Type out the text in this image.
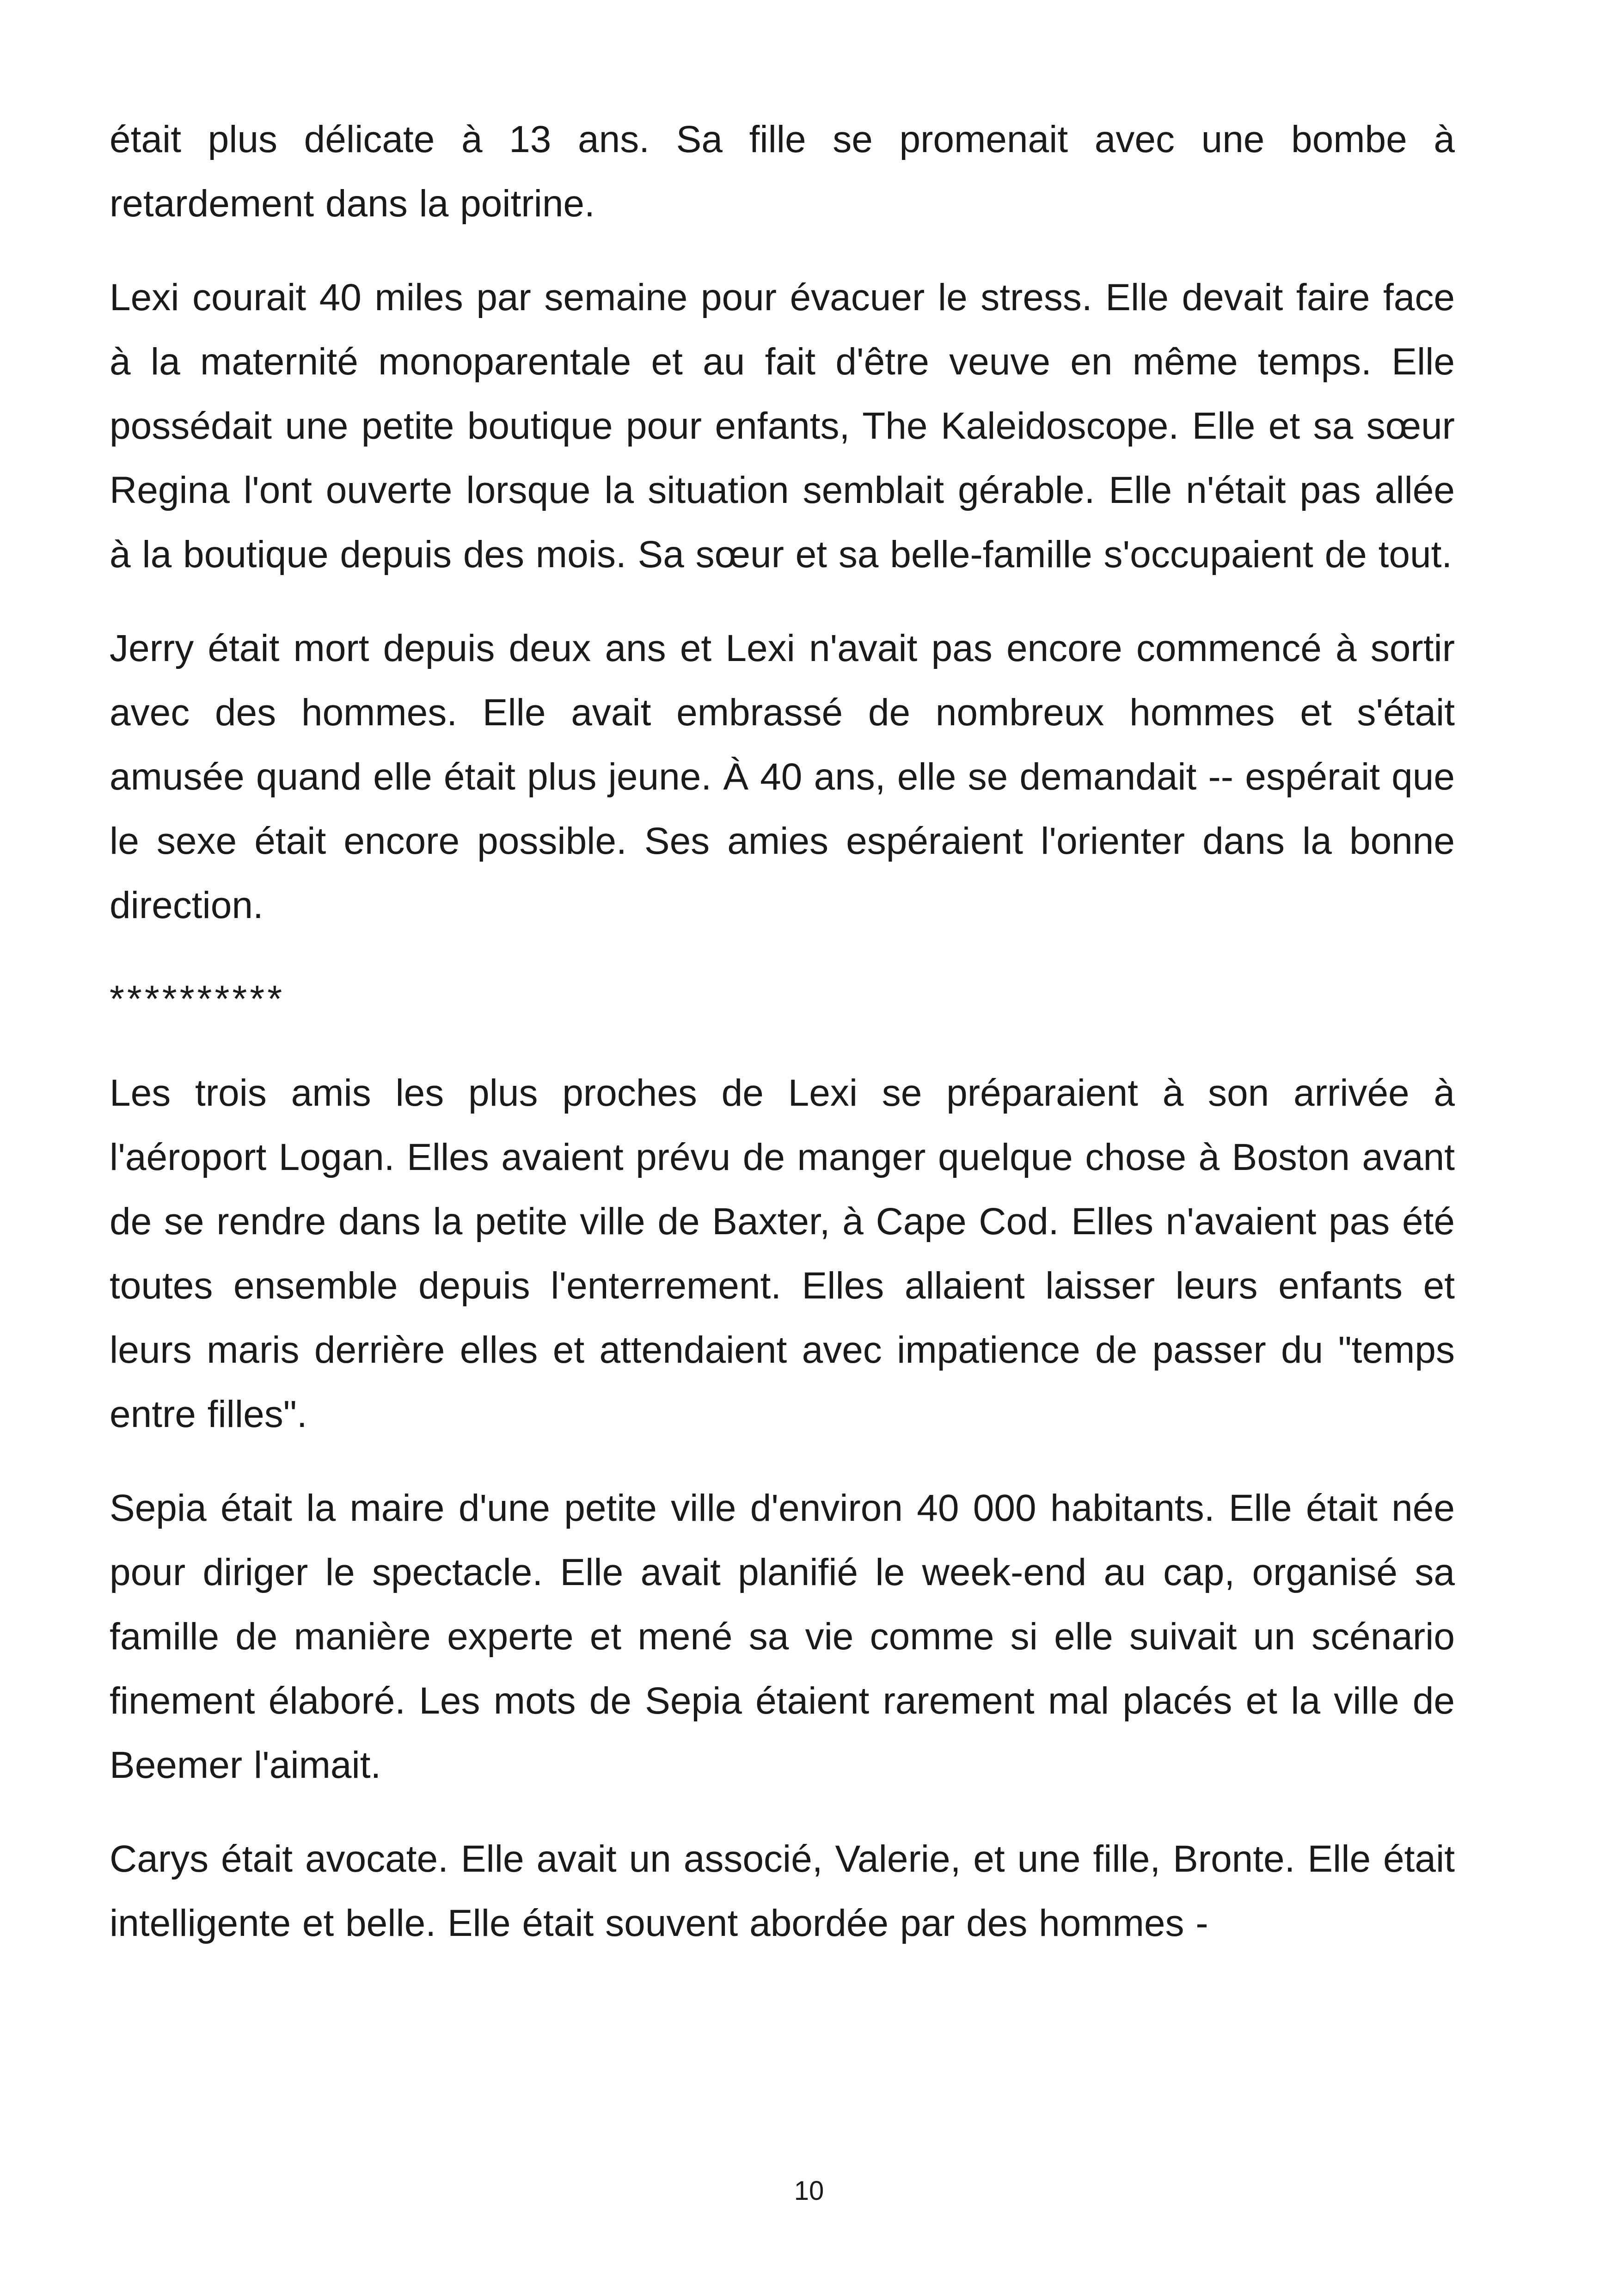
était plus délicate à 13 ans. Sa fille se promenait avec une bombe à retardement dans la poitrine.

Lexi courait 40 miles par semaine pour évacuer le stress. Elle devait faire face à la maternité monoparentale et au fait d'être veuve en même temps. Elle possédait une petite boutique pour enfants, The Kaleidoscope. Elle et sa sœur Regina l'ont ouverte lorsque la situation semblait gérable. Elle n'était pas allée à la boutique depuis des mois. Sa sœur et sa belle-famille s'occupaient de tout.

Jerry était mort depuis deux ans et Lexi n'avait pas encore commencé à sortir avec des hommes. Elle avait embrassé de nombreux hommes et s'était amusée quand elle était plus jeune. À 40 ans, elle se demandait -- espérait que le sexe était encore possible. Ses amies espéraient l'orienter dans la bonne direction.

**********

Les trois amis les plus proches de Lexi se préparaient à son arrivée à l'aéroport Logan. Elles avaient prévu de manger quelque chose à Boston avant de se rendre dans la petite ville de Baxter, à Cape Cod. Elles n'avaient pas été toutes ensemble depuis l'enterrement. Elles allaient laisser leurs enfants et leurs maris derrière elles et attendaient avec impatience de passer du "temps entre filles".

Sepia était la maire d'une petite ville d'environ 40 000 habitants. Elle était née pour diriger le spectacle. Elle avait planifié le week-end au cap, organisé sa famille de manière experte et mené sa vie comme si elle suivait un scénario finement élaboré. Les mots de Sepia étaient rarement mal placés et la ville de Beemer l'aimait.

Carys était avocate. Elle avait un associé, Valerie, et une fille, Bronte. Elle était intelligente et belle. Elle était souvent abordée par des hommes -

10
